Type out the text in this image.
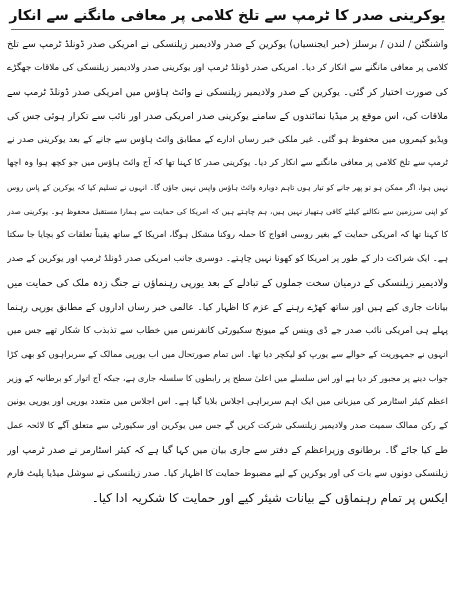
یوکرینی صدر کا ٹرمپ سے تلخ کلامی پر معافی مانگنے سے انکار
واشنگٹن / لندن / برسلز (خبر ایجنسیاں) یوکرین کے صدر ولادیمیر زیلنسکی نے امریکی صدر ڈونلڈ ٹرمپ سے تلخ
کلامی پر معافی مانگنے سے انکار کر دیا۔ امریکی صدر ڈونلڈ ٹرمپ اور یوکرینی صدر ولادیمیر زیلنسکی کی ملاقات جھگڑے
کی صورت اختیار کر گئی۔ یوکرین کے صدر ولادیمیر زیلنسکی نے وائٹ ہاؤس میں امریکی صدر ڈونلڈ ٹرمپ سے
ملاقات کی، اس موقع پر میڈیا نمائندوں کے سامنے یوکرینی صدر امریکی صدر اور نائب سے تکرار ہوئی جس کی
ویڈیو کیمروں میں محفوظ ہو گئی۔ غیر ملکی خبر رساں ادارے کے مطابق وائٹ ہاؤس سے جانے کے بعد یوکرینی صدر نے
ٹرمپ سے تلخ کلامی پر معافی مانگنے سے انکار کر دیا۔ یوکرینی صدر کا کہنا تھا کہ آج وائٹ ہاؤس میں جو کچھ ہوا وہ اچھا
نہیں ہوا، اگر ممکن ہو تو پھر جانے کو تیار ہوں تاہم دوبارہ وائٹ ہاؤس واپس نہیں جاؤں گا۔ انہوں نے تسلیم کیا کہ یوکرین کے پاس روس
کو اپنی سرزمین سے نکالنے کیلئے کافی ہتھیار نہیں ہیں، ہم چاہتے ہیں کہ امریکا کی حمایت سے ہمارا مستقبل محفوظ ہو۔ یوکرینی صدر
کا کہنا تھا کہ امریکی حمایت کے بغیر روسی افواج کا حملہ روکنا مشکل ہوگا، امریکا کے ساتھ یقیناً تعلقات کو بچایا جا سکتا
ہے۔ ایک شراکت دار کے طور پر امریکا کو کھونا نہیں چاہتے۔ دوسری جانب امریکی صدر ڈونلڈ ٹرمپ اور یوکرین کے صدر
ولادیمیر زیلنسکی کے درمیان سخت جملوں کے تبادلے کے بعد یورپی رہنماؤں نے جنگ زدہ ملک کی حمایت میں
بیانات جاری کیے ہیں اور ساتھ کھڑے رہنے کے عزم کا اظہار کیا۔ عالمی خبر رساں اداروں کے مطابق یورپی رہنما
پہلے ہی امریکی نائب صدر جے ڈی وینس کے میونخ سکیورٹی کانفرنس میں خطاب سے تذبذب کا شکار تھے جس میں
انہوں نے جمہوریت کے حوالے سے یورپ کو لیکچر دیا تھا۔ اس تمام صورتحال میں اب یورپی ممالک کے سربراہوں کو بھی کڑا
جواب دینے پر مجبور کر دیا ہے اور اس سلسلے میں اعلیٰ سطح پر رابطوں کا سلسلہ جاری ہے، جبکہ آج اتوار کو برطانیہ کے وزیر
اعظم کیئر اسٹارمر کی میزبانی میں ایک اہم سربراہی اجلاس بلایا گیا ہے۔ اس اجلاس میں متعدد یورپی اور یورپی یونین
کے رکن ممالک سمیت صدر ولادیمیر زیلنسکی شرکت کریں گے جس میں یوکرین اور سکیورٹی سے متعلق آگے کا لائحہ عمل
طے کیا جائے گا۔ برطانوی وزیراعظم کے دفتر سے جاری بیان میں کہا گیا ہے کہ کیئر اسٹارمر نے صدر ٹرمپ اور
زیلنسکی دونوں سے بات کی اور یوکرین کے لیے مضبوط حمایت کا اظہار کیا۔ صدر زیلنسکی نے سوشل میڈیا پلیٹ فارم
ایکس پر تمام رہنماؤں کے بیانات شیئر کیے اور حمایت کا شکریہ ادا کیا۔
